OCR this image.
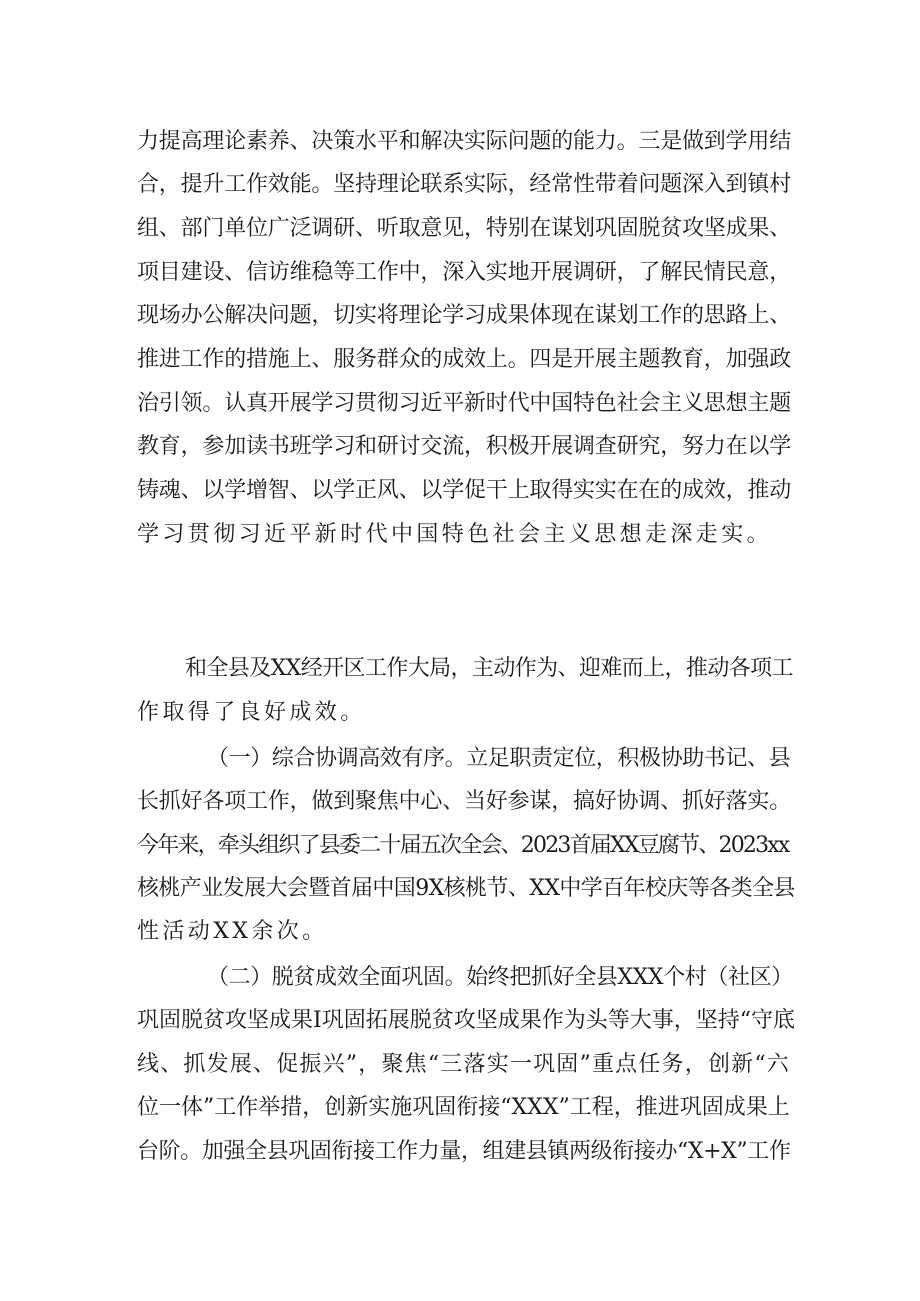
力提高理论素养、决策水平和解决实际问题的能力。三是做到学用结
合，提升工作效能。坚持理论联系实际，经常性带着问题深入到镇村
组、部门单位广泛调研、听取意见，特别在谋划巩固脱贫攻坚成果、
项目建设、信访维稳等工作中，深入实地开展调研，了解民情民意，
现场办公解决问题，切实将理论学习成果体现在谋划工作的思路上、
推进工作的措施上、服务群众的成效上。四是开展主题教育，加强政
治引领。认真开展学习贯彻习近平新时代中国特色社会主义思想主题
教育，参加读书班学习和研讨交流，积极开展调查研究，努力在以学
铸魂、以学增智、以学正风、以学促干上取得实实在在的成效，推动
学习贯彻习近平新时代中国特色社会主义思想走深走实。
和全县及XX经开区工作大局，主动作为、迎难而上，推动各项工
作取得了良好成效。
（一）综合协调高效有序。立足职责定位，积极协助书记、县
长抓好各项工作，做到聚焦中心、当好参谋，搞好协调、抓好落实。
今年来，牵头组织了县委二十届五次全会、2023首届XX豆腐节、2023xx
核桃产业发展大会暨首届中国9X核桃节、XX中学百年校庆等各类全县
性活动XX余次。
（二）脱贫成效全面巩固。始终把抓好全县XXX个村（社区）
巩固脱贫攻坚成果I巩固拓展脱贫攻坚成果作为头等大事，坚持“守底
线、抓发展、促振兴”，聚焦“三落实一巩固”重点任务，创新“六
位一体”工作举措，创新实施巩固衔接“XXX”工程，推进巩固成果上
台阶。加强全县巩固衔接工作力量，组建县镇两级衔接办“X+X”工作
